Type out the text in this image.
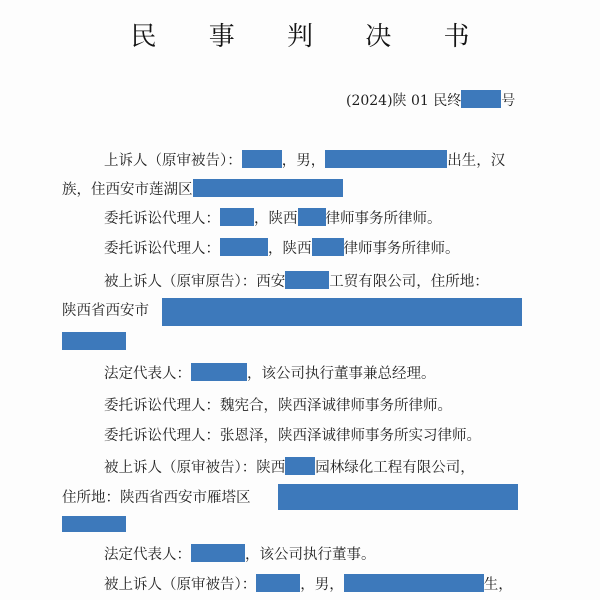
民 事 判 决 书
(2024)陕 01 民终	号
上诉人（原审被告）：	，男，	出生，汉
族，住西安市莲湖区
委托诉讼代理人： ，陕西 律师事务所律师。
委托诉讼代理人：	，陕西 律师事务所律师。
被上诉人（原审原告）：西安	工贸有限公司，住所地：
陕西省西安市
法定代表人：	，该公司执行董事兼总经理。
委托诉讼代理人：魏宪合，陕西泽诚律师事务所律师。
委托诉讼代理人：张恩泽，陕西泽诚律师事务所实习律师。
被上诉人（原审被告）：陕西 园林绿化工程有限公司，
住所地：陕西省西安市雁塔区
法定代表人：	，该公司执行董事。
被上诉人（原审被告）：	，男，	生，
